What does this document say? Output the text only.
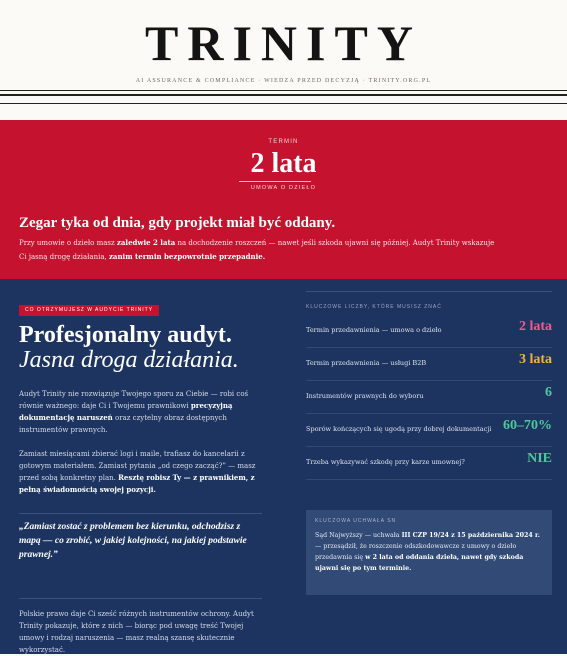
TRINITY
AI ASSURANCE & COMPLIANCE · WIEDZA PRZED DECYZJĄ · TRINITY.ORG.PL
TERMIN
2 lata
UMOWA O DZIEŁO
Zegar tyka od dnia, gdy projekt miał być oddany.
Przy umowie o dzieło masz zaledwie 2 lata na dochodzenie roszczeń — nawet jeśli szkoda ujawni się później. Audyt Trinity wskazuje Ci jasną drogę działania, zanim termin bezpowrotnie przepadnie.
CO OTRZYMUJESZ W AUDYCIE TRINITY
Profesjonalny audyt.
Jasna droga działania.
Audyt Trinity nie rozwiązuje Twojego sporu za Ciebie — robi coś równie ważnego: daje Ci i Twojemu prawnikowi precyzyjną dokumentację naruszeń oraz czytelny obraz dostępnych instrumentów prawnych.
Zamiast miesiącami zbierać logi i maile, trafiasz do kancelarii z gotowym materiałem. Zamiast pytania „od czego zacząć?” — masz przed sobą konkretny plan. Resztę robisz Ty — z prawnikiem, z pełną świadomością swojej pozycji.
„Zamiast zostać z problemem bez kierunku, odchodzisz z mapą — co zrobić, w jakiej kolejności, na jakiej podstawie prawnej.”
Polskie prawo daje Ci sześć różnych instrumentów ochrony. Audyt Trinity pokazuje, które z nich — biorąc pod uwagę treść Twojej umowy i rodzaj naruszenia — masz realną szansę skutecznie wykorzystać.
KLUCZOWE LICZBY, KTÓRE MUSISZ ZNAĆ
Termin przedawnienia — umowa o dzieło	2 lata
Termin przedawnienia — usługi B2B	3 lata
Instrumentów prawnych do wyboru	6
Sporów kończących się ugodą przy dobrej dokumentacji 60–70%
Trzeba wykazywać szkodę przy karze umownej?	NIE
KLUCZOWA UCHWAŁA SN
Sąd Najwyższy — uchwała III CZP 19/24 z 15 października 2024 r. — przesądził, że roszczenie odszkodowawcze z umowy o dzieło przedawnia się w 2 lata od oddania dzieła, nawet gdy szkoda ujawni się po tym terminie.
